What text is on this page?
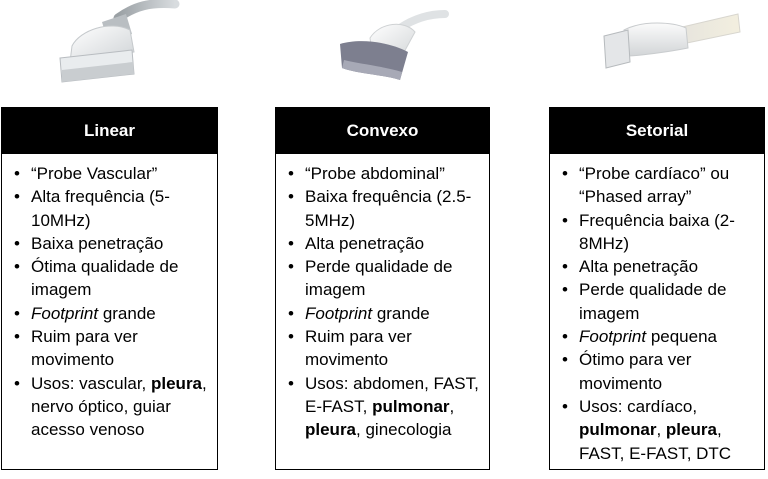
Linear
• “Probe Vascular”
• Alta frequência (5-10MHz)
• Baixa penetração
• Ótima qualidade de imagem
• Footprint grande
• Ruim para ver movimento
• Usos: vascular, pleura, nervo óptico, guiar acesso venoso
Convexo
• “Probe abdominal”
• Baixa frequência (2.5-5MHz)
• Alta penetração
• Perde qualidade de imagem
• Footprint grande
• Ruim para ver movimento
• Usos: abdomen, FAST, E-FAST, pulmonar, pleura, ginecologia
Setorial
• “Probe cardíaco” ou “Phased array”
• Frequência baixa (2-8MHz)
• Alta penetração
• Perde qualidade de imagem
• Footprint pequena
• Ótimo para ver movimento
• Usos: cardíaco, pulmonar, pleura, FAST, E-FAST, DTC
